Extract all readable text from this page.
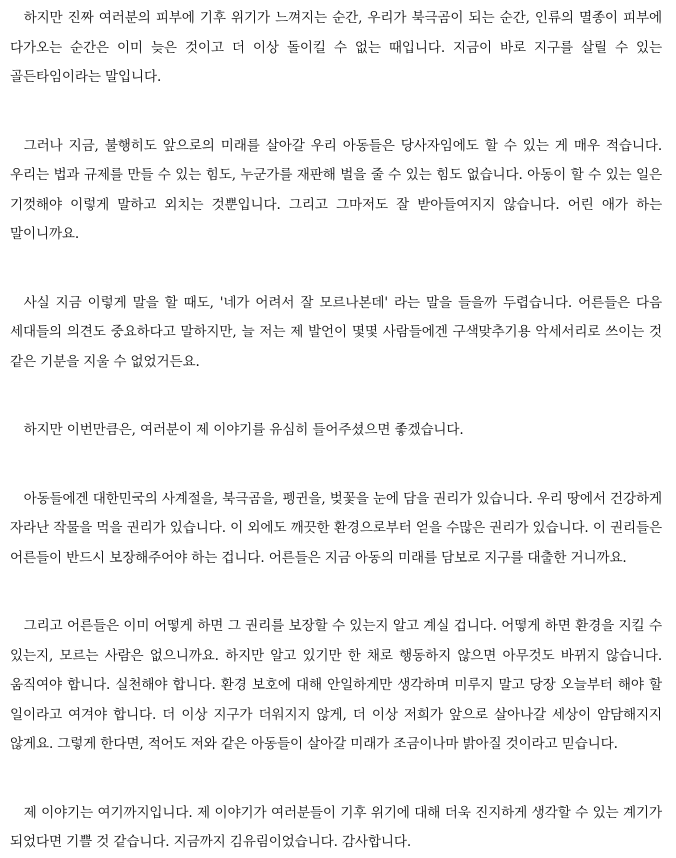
하지만 진짜 여러분의 피부에 기후 위기가 느껴지는 순간, 우리가 북극곰이 되는 순간, 인류의 멸종이 피부에 다가오는 순간은 이미 늦은 것이고 더 이상 돌이킬 수 없는 때입니다. 지금이 바로 지구를 살릴 수 있는 골든타임이라는 말입니다.

그러나 지금, 불행히도 앞으로의 미래를 살아갈 우리 아동들은 당사자임에도 할 수 있는 게 매우 적습니다. 우리는 법과 규제를 만들 수 있는 힘도, 누군가를 재판해 벌을 줄 수 있는 힘도 없습니다. 아동이 할 수 있는 일은 기껏해야 이렇게 말하고 외치는 것뿐입니다. 그리고 그마저도 잘 받아들여지지 않습니다. 어린 애가 하는 말이니까요.

사실 지금 이렇게 말을 할 때도, '네가 어려서 잘 모르나본데' 라는 말을 들을까 두렵습니다. 어른들은 다음 세대들의 의견도 중요하다고 말하지만, 늘 저는 제 발언이 몇몇 사람들에겐 구색맞추기용 악세서리로 쓰이는 것 같은 기분을 지울 수 없었거든요.

하지만 이번만큼은, 여러분이 제 이야기를 유심히 들어주셨으면 좋겠습니다.

아동들에겐 대한민국의 사계절을, 북극곰을, 펭귄을, 벚꽃을 눈에 담을 권리가 있습니다. 우리 땅에서 건강하게 자라난 작물을 먹을 권리가 있습니다. 이 외에도 깨끗한 환경으로부터 얻을 수많은 권리가 있습니다. 이 권리들은 어른들이 반드시 보장해주어야 하는 겁니다. 어른들은 지금 아동의 미래를 담보로 지구를 대출한 거니까요.

그리고 어른들은 이미 어떻게 하면 그 권리를 보장할 수 있는지 알고 계실 겁니다. 어떻게 하면 환경을 지킬 수 있는지, 모르는 사람은 없으니까요. 하지만 알고 있기만 한 채로 행동하지 않으면 아무것도 바뀌지 않습니다. 움직여야 합니다. 실천해야 합니다. 환경 보호에 대해 안일하게만 생각하며 미루지 말고 당장 오늘부터 해야 할 일이라고 여겨야 합니다. 더 이상 지구가 더워지지 않게, 더 이상 저희가 앞으로 살아나갈 세상이 암담해지지 않게요. 그렇게 한다면, 적어도 저와 같은 아동들이 살아갈 미래가 조금이나마 밝아질 것이라고 믿습니다.

제 이야기는 여기까지입니다. 제 이야기가 여러분들이 기후 위기에 대해 더욱 진지하게 생각할 수 있는 계기가 되었다면 기쁠 것 같습니다. 지금까지 김유림이었습니다. 감사합니다.
